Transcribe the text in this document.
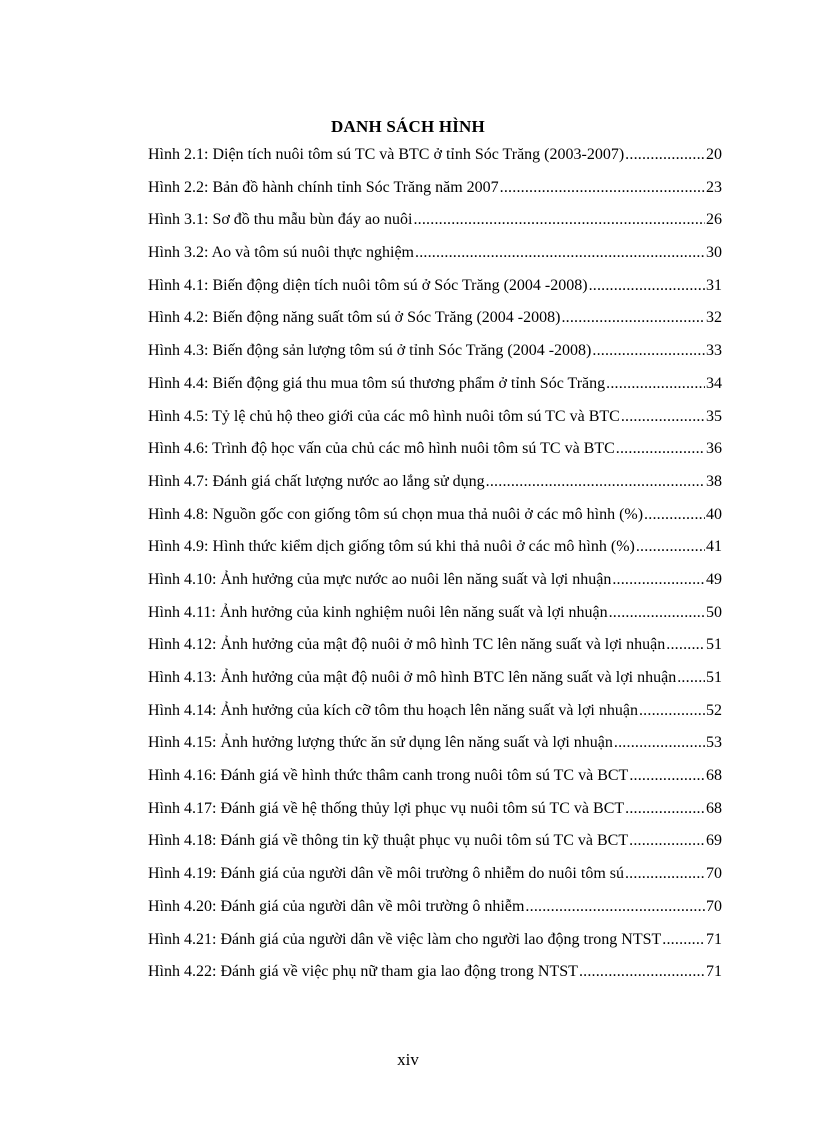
DANH SÁCH HÌNH
Hình 2.1: Diện tích nuôi tôm sú TC và BTC ở tỉnh Sóc Trăng (2003-2007) .....	20
Hình 2.2: Bản đồ hành chính tỉnh Sóc Trăng năm 2007 .....	23
Hình 3.1: Sơ đồ thu mẫu bùn đáy ao nuôi .....	26
Hình 3.2: Ao và tôm sú nuôi thực nghiệm .....	30
Hình 4.1: Biến động diện tích nuôi tôm sú ở Sóc Trăng (2004 -2008) .....	31
Hình 4.2: Biến động năng suất tôm sú ở Sóc Trăng (2004 -2008) .....	32
Hình 4.3: Biến động sản lượng tôm sú ở tỉnh Sóc Trăng (2004 -2008) .....	33
Hình 4.4: Biến động giá thu mua tôm sú thương phẩm ở tỉnh Sóc Trăng .....	34
Hình 4.5: Tỷ lệ chủ hộ theo giới của các mô hình nuôi tôm sú TC và BTC .....	35
Hình 4.6: Trình độ học vấn của chủ các mô hình nuôi tôm sú TC và BTC .....	36
Hình 4.7: Đánh giá chất lượng nước ao lắng sử dụng .....	38
Hình 4.8: Nguồn gốc con giống tôm sú chọn mua thả nuôi ở các mô hình (%) .....	40
Hình 4.9: Hình thức kiểm dịch giống tôm sú khi thả nuôi ở các mô hình (%) .....	41
Hình 4.10: Ảnh hưởng của mực nước ao nuôi lên năng suất và lợi nhuận .....	49
Hình 4.11: Ảnh hưởng của kinh nghiệm nuôi lên năng suất và lợi nhuận .....	50
Hình 4.12: Ảnh hưởng của mật độ nuôi ở mô hình TC lên năng suất và lợi nhuận .....	51
Hình 4.13: Ảnh hưởng của mật độ nuôi ở mô hình BTC lên năng suất và lợi nhuận ..... 51
Hình 4.14: Ảnh hưởng của kích cỡ tôm thu hoạch lên năng suất và lợi nhuận .....	52
Hình 4.15: Ảnh hưởng lượng thức ăn sử dụng lên năng suất và lợi nhuận .....	53
Hình 4.16: Đánh giá về hình thức thâm canh trong nuôi tôm sú TC và BCT .....	68
Hình 4.17: Đánh giá về hệ thống thủy lợi phục vụ nuôi tôm sú TC và BCT .....	68
Hình 4.18: Đánh giá về thông tin kỹ thuật phục vụ nuôi tôm sú TC và BCT .....	69
Hình 4.19: Đánh giá của người dân về môi trường ô nhiễm do nuôi tôm sú .....	70
Hình 4.20: Đánh giá của người dân về môi trường ô nhiễm .....	70
Hình 4.21: Đánh giá của người dân về việc làm cho người lao động trong NTST .....	71
Hình 4.22: Đánh giá về việc phụ nữ tham gia lao động trong NTST .....	71
xiv
